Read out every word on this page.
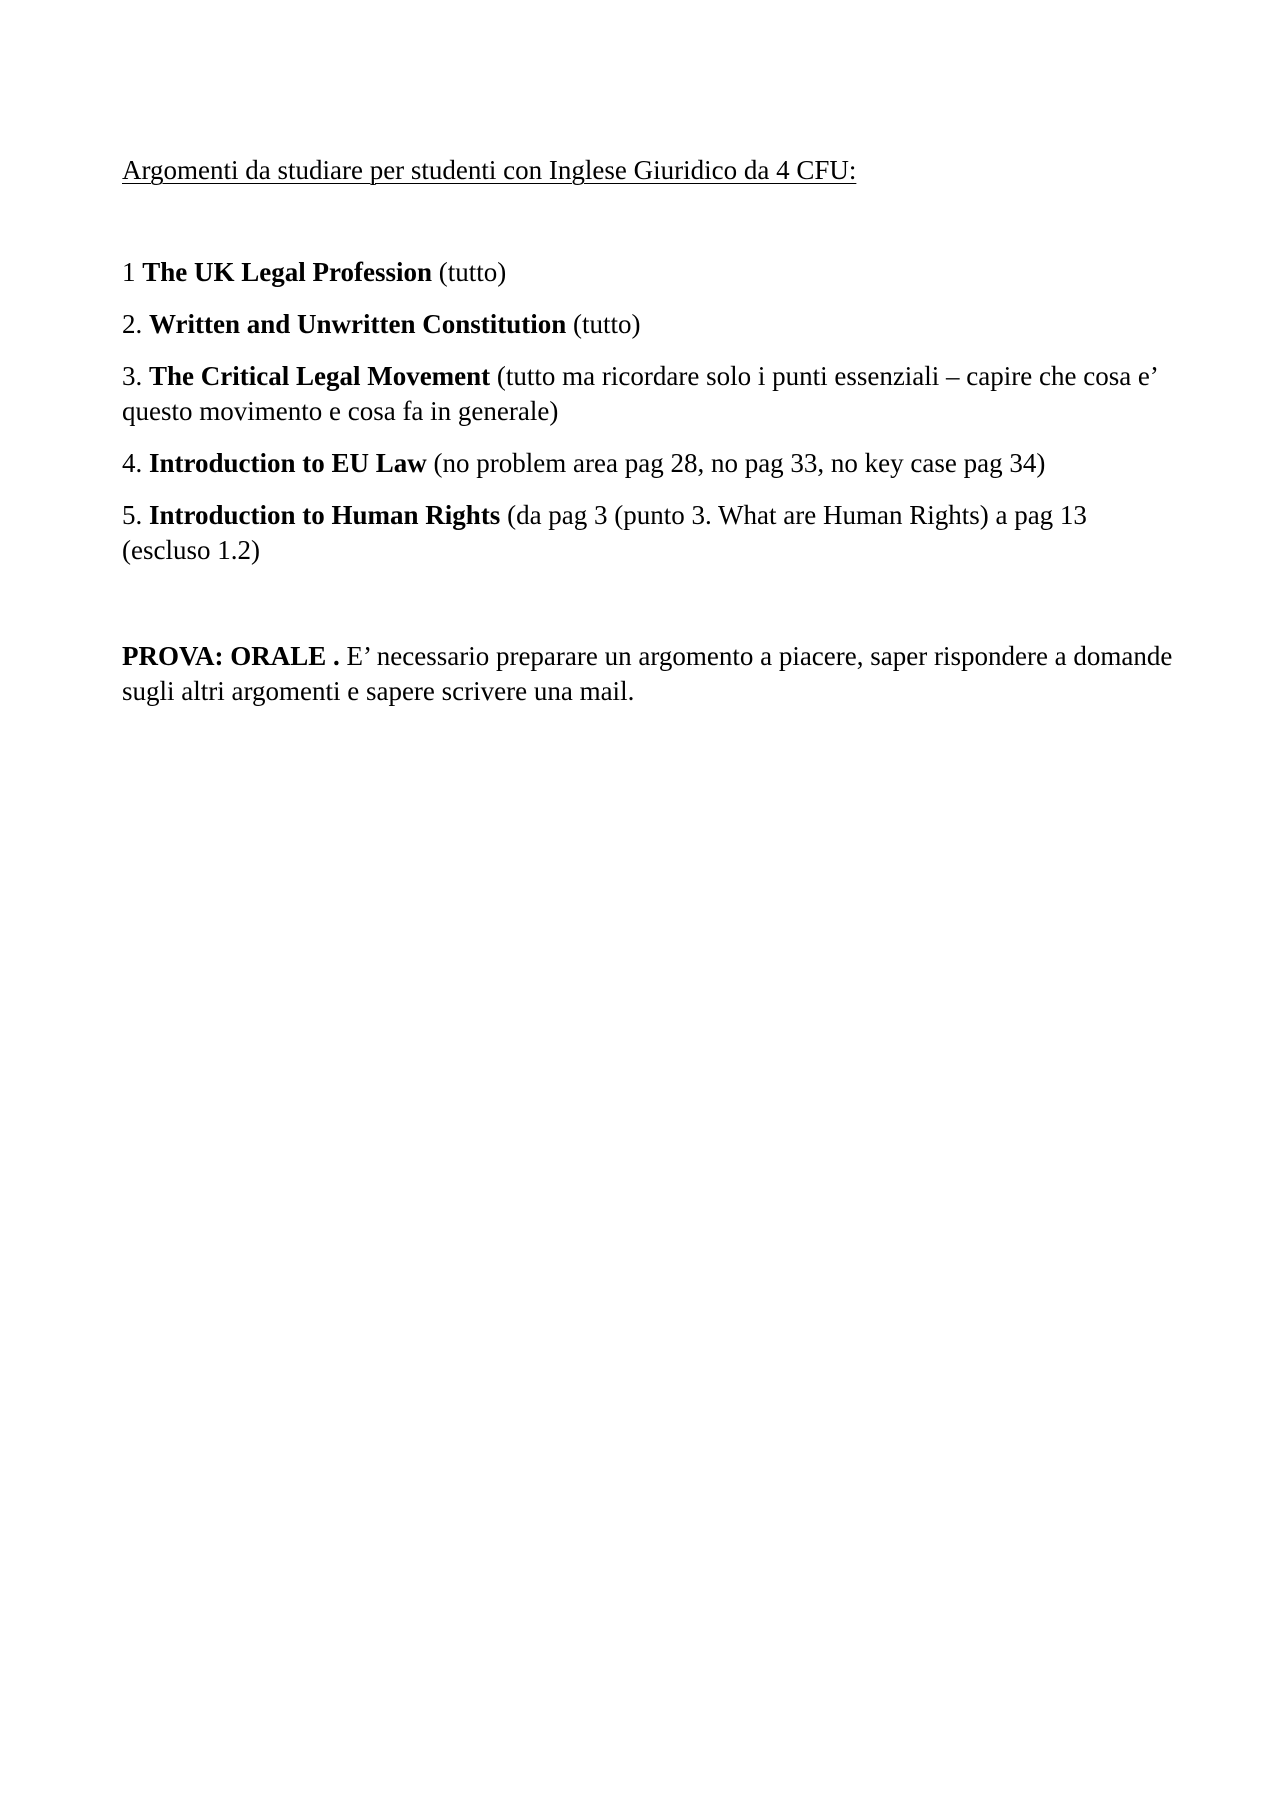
Argomenti da studiare per studenti con Inglese Giuridico da 4 CFU:

1 The UK Legal Profession (tutto)

2. Written and Unwritten Constitution (tutto)

3. The Critical Legal Movement (tutto ma ricordare solo i punti essenziali – capire che cosa e’ questo movimento e cosa fa in generale)

4. Introduction to EU Law (no problem area pag 28, no pag 33, no key case pag 34)

5. Introduction to Human Rights (da pag 3 (punto 3. What are Human Rights) a pag 13 (escluso 1.2)

PROVA: ORALE . E’ necessario preparare un argomento a piacere, saper rispondere a domande sugli altri argomenti e sapere scrivere una mail.
